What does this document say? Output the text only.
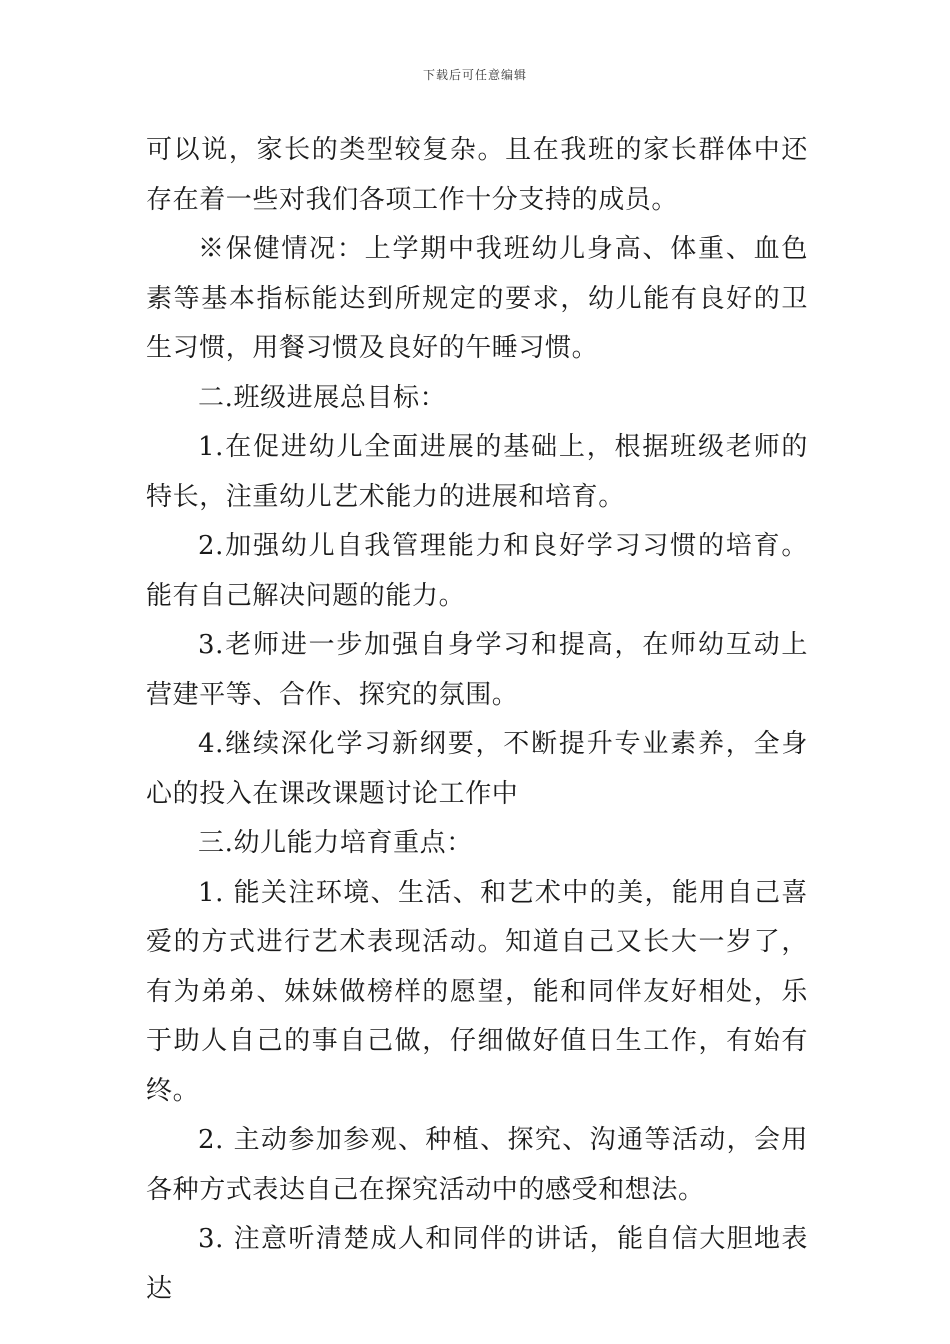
下载后可任意编辑

可以说，家长的类型较复杂。且在我班的家长群体中还存在着一些对我们各项工作十分支持的成员。

※保健情况：上学期中我班幼儿身高、体重、血色素等基本指标能达到所规定的要求，幼儿能有良好的卫生习惯，用餐习惯及良好的午睡习惯。

二.班级进展总目标：

1.在促进幼儿全面进展的基础上，根据班级老师的特长，注重幼儿艺术能力的进展和培育。

2.加强幼儿自我管理能力和良好学习习惯的培育。能有自己解决问题的能力。

3.老师进一步加强自身学习和提高，在师幼互动上营建平等、合作、探究的氛围。

4.继续深化学习新纲要，不断提升专业素养，全身心的投入在课改课题讨论工作中

三.幼儿能力培育重点：

1. 能关注环境、生活、和艺术中的美，能用自己喜爱的方式进行艺术表现活动。知道自己又长大一岁了，有为弟弟、妹妹做榜样的愿望，能和同伴友好相处，乐于助人自己的事自己做，仔细做好值日生工作，有始有终。

2. 主动参加参观、种植、探究、沟通等活动，会用各种方式表达自己在探究活动中的感受和想法。

3. 注意听清楚成人和同伴的讲话，能自信大胆地表达
